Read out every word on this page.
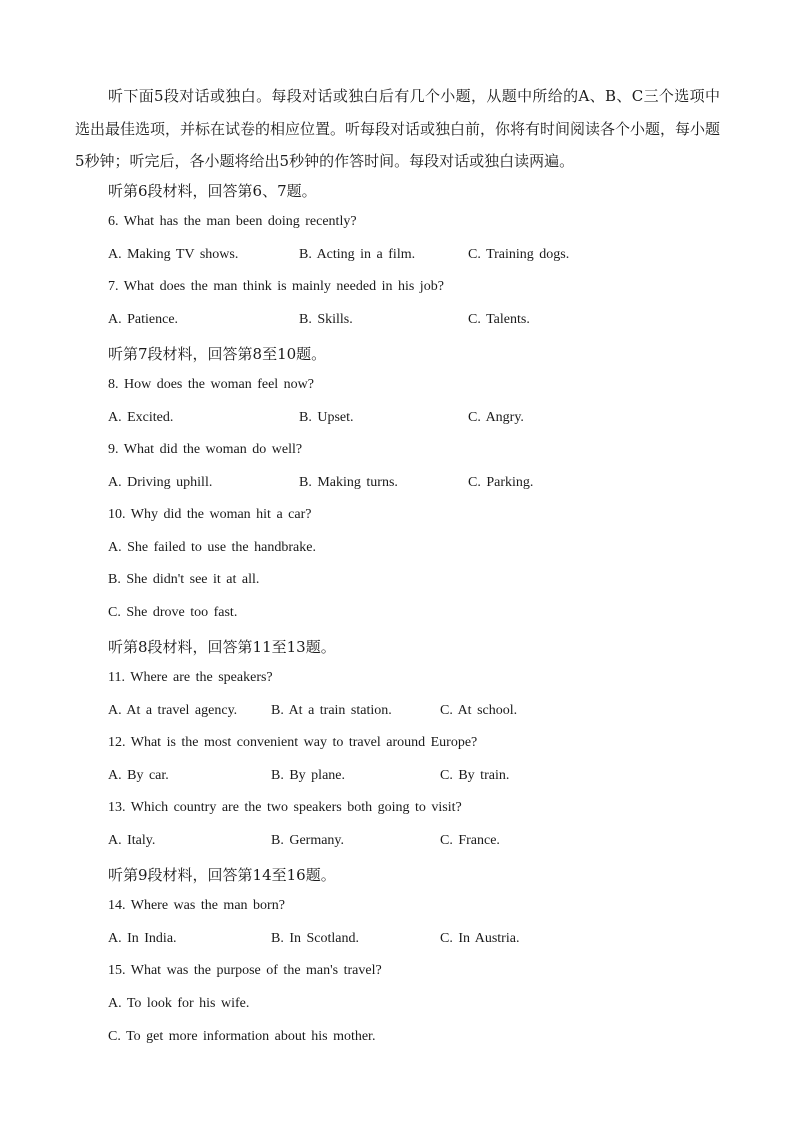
听下面5段对话或独白。每段对话或独白后有几个小题，从题中所给的A、B、C三个选项中选出最佳选项，并标在试卷的相应位置。听每段对话或独白前，你将有时间阅读各个小题，每小题5秒钟；听完后，各小题将给出5秒钟的作答时间。每段对话或独白读两遍。

听第6段材料，回答第6、7题。
6. What has the man been doing recently?
A. Making TV shows.	B. Acting in a film.	C. Training dogs.
7. What does the man think is mainly needed in his job?
A. Patience.	B. Skills.	C. Talents.
听第7段材料，回答第8至10题。
8. How does the woman feel now?
A. Excited.	B. Upset.	C. Angry.
9. What did the woman do well?
A. Driving uphill.	B. Making turns.	C. Parking.
10. Why did the woman hit a car?
A. She failed to use the handbrake.
B. She didn't see it at all.
C. She drove too fast.
听第8段材料，回答第11至13题。
11. Where are the speakers?
A. At a travel agency. B. At a train station.	C. At school.
12. What is the most convenient way to travel around Europe?
A. By car.	B. By plane.	C. By train.
13. Which country are the two speakers both going to visit?
A. Italy.	B. Germany.	C. France.
听第9段材料，回答第14至16题。
14. Where was the man born?
A. In India.	B. In Scotland.	C. In Austria.
15. What was the purpose of the man's travel?
A. To look for his wife.
C. To get more information about his mother.
